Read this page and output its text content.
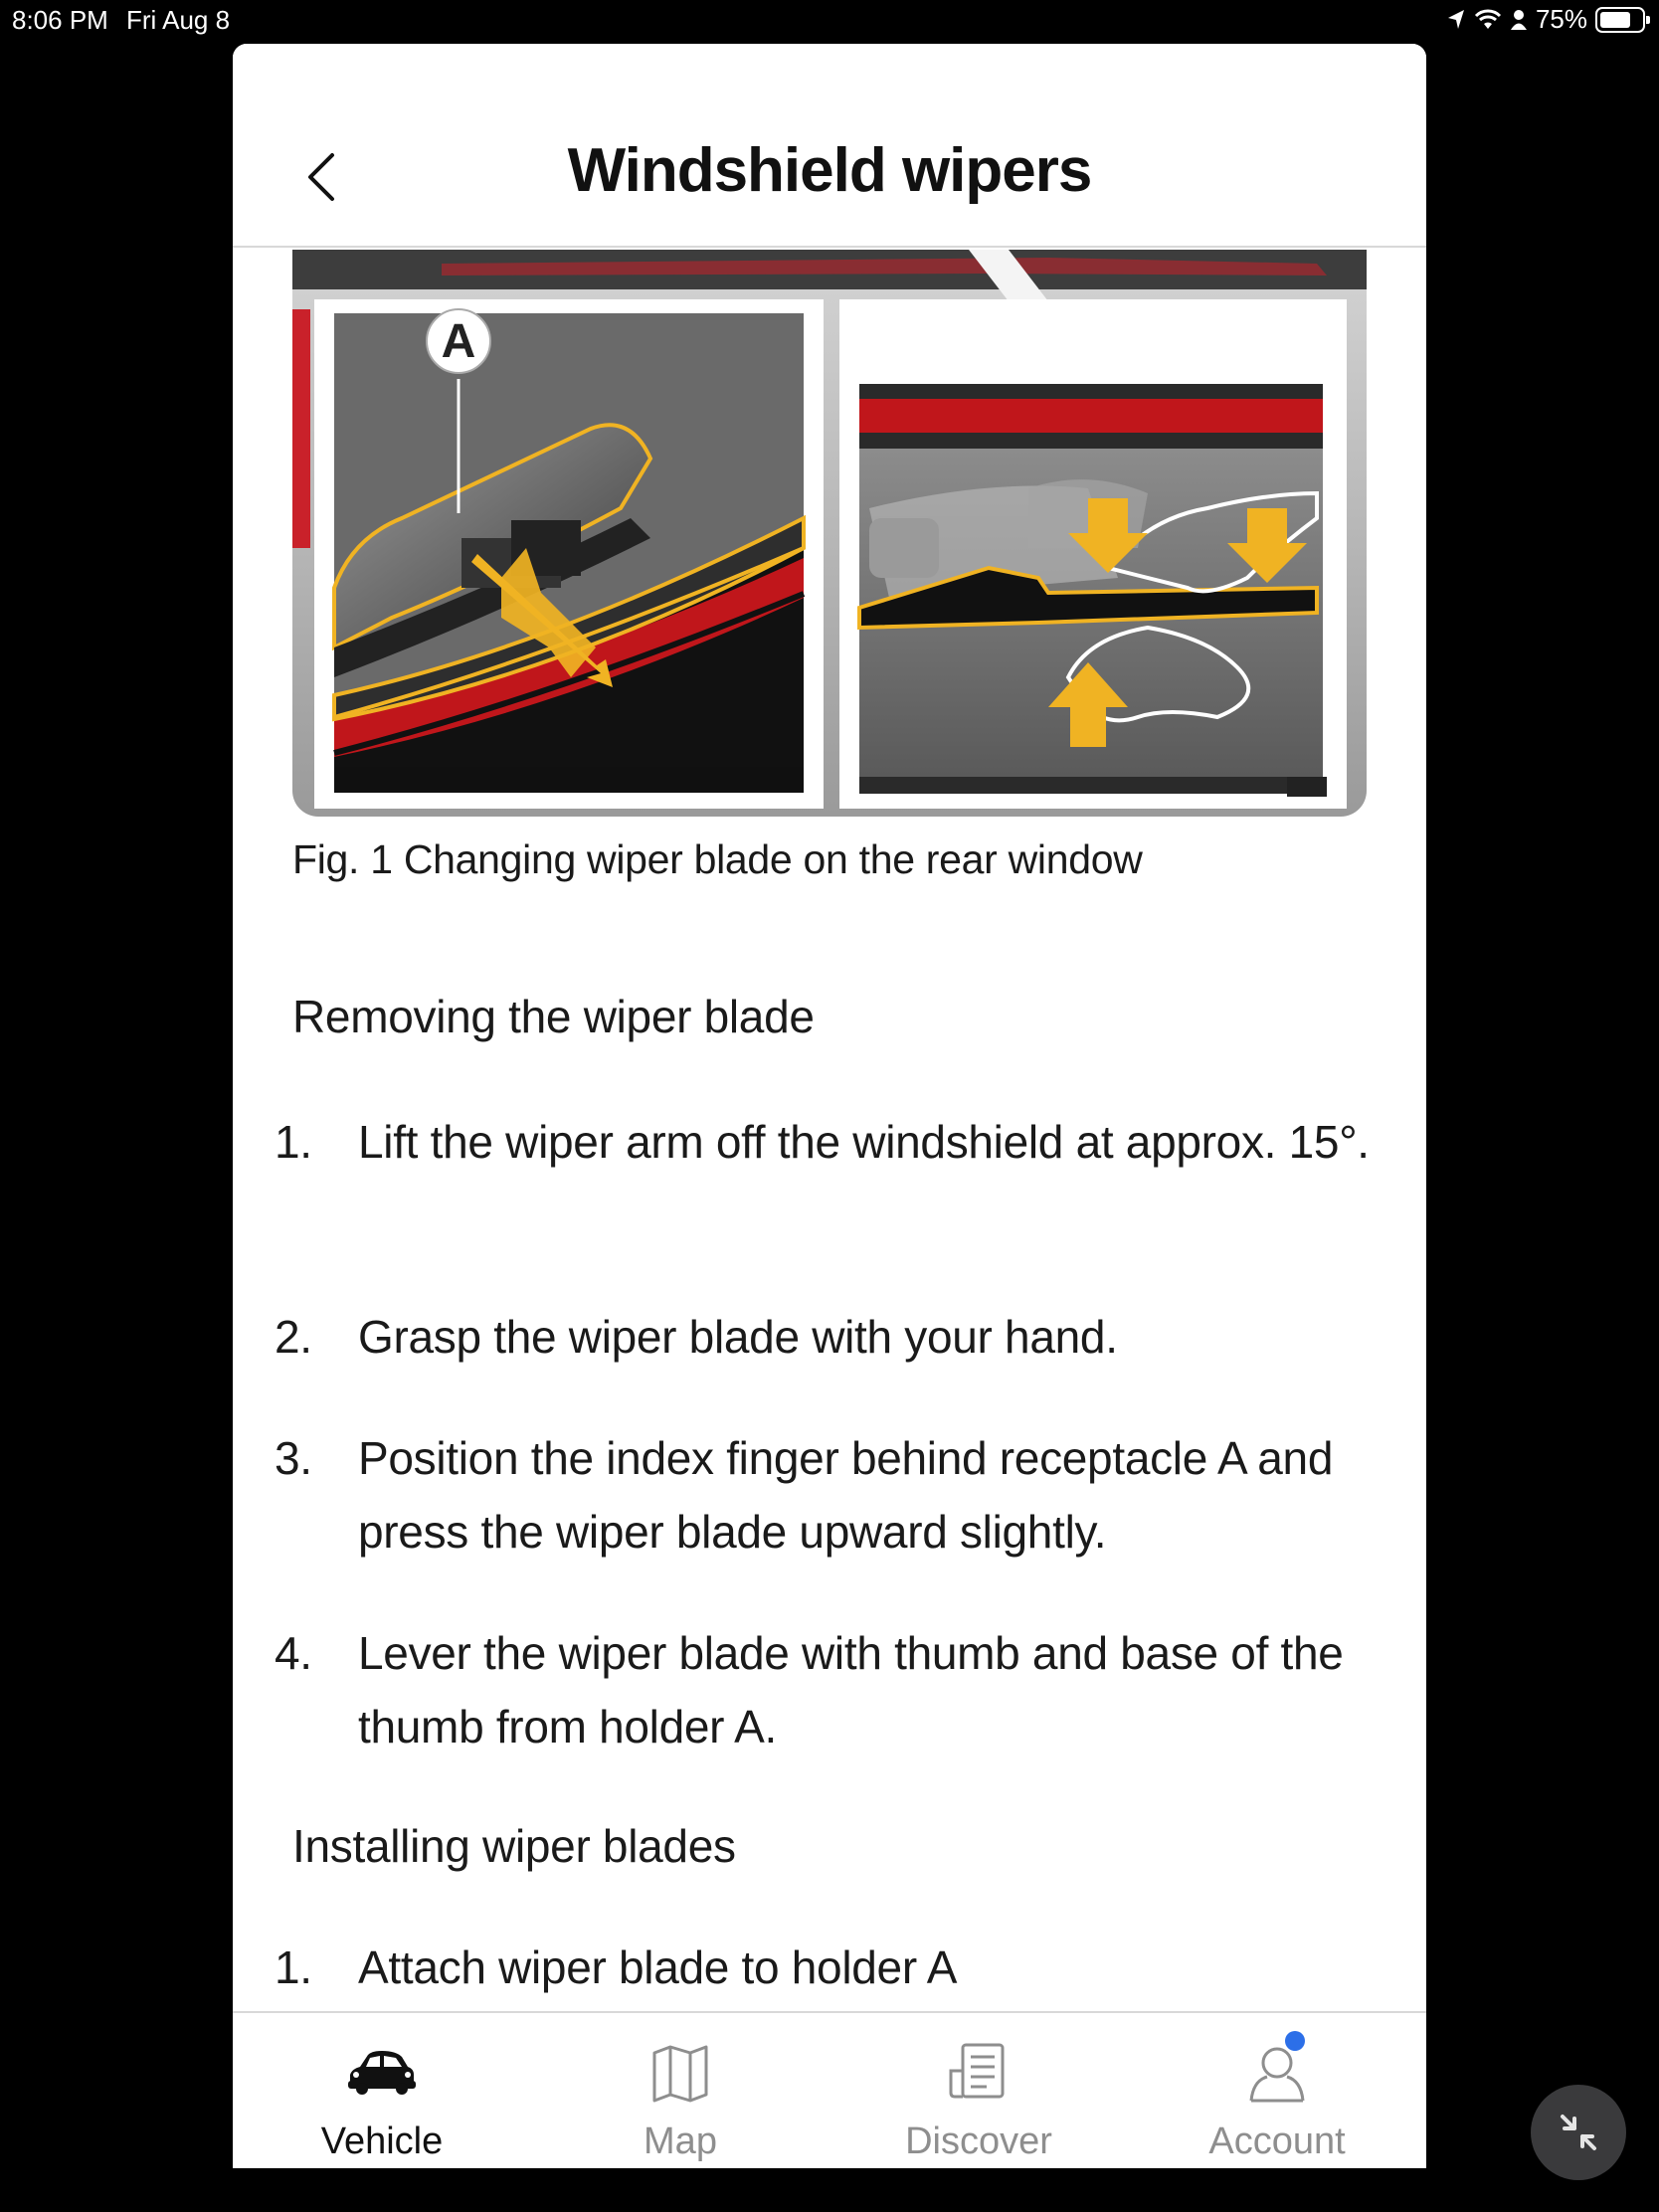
8:06 PM Fri Aug 8	75%
Windshield wipers
A
Fig. 1 Changing wiper blade on the rear window
Removing the wiper blade
1. Lift the wiper arm off the windshield at approx. 15°.
2. Grasp the wiper blade with your hand.
3. Position the index finger behind receptacle A and press the wiper blade upward slightly.
4. Lever the wiper blade with thumb and base of the thumb from holder A.
Installing wiper blades
1. Attach wiper blade to holder A
Vehicle	Map	Discover	Account
